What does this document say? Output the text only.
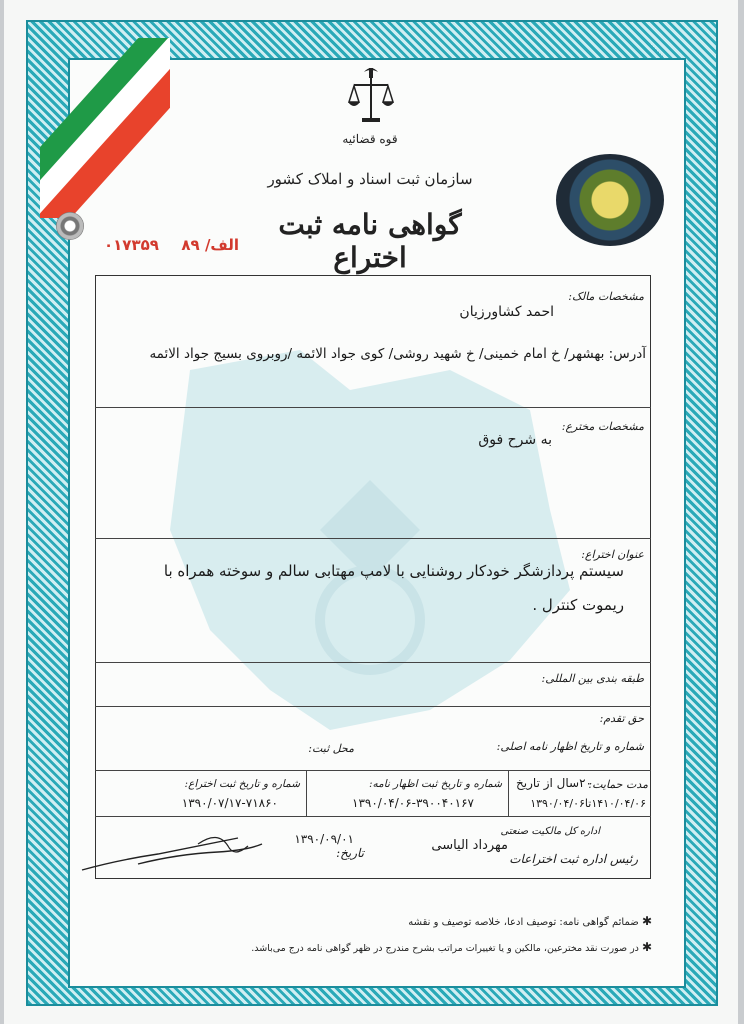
قوه قضائیه
سازمان ثبت اسناد و املاک کشور
گواهی نامه ثبت اختراع
الف/ ۸۹  ۰۱۷۳۵۹
مشخصات مالک:
احمد کشاورزیان
آدرس: بهشهر/ خ امام خمینی/ خ شهید روشی/ کوی جواد الائمه /روبروی بسیج جواد الائمه
مشخصات مخترع:
به شرح فوق
عنوان اختراع:
سیستم پردازشگر خودکار روشنایی با لامپ مهتابی سالم و سوخته همراه با
ریموت کنترل .
طبقه بندی بین المللی:
حق تقدم:
شماره و تاریخ اظهار نامه اصلی:
محل ثبت:
مدت حمایت:
۲۰سال از تاریخ
۱۴۱۰/۰۴/۰۶تا۱۳۹۰/۰۴/۰۶
شماره و تاریخ ثبت اظهار نامه:
۱۳۹۰/۰۴/۰۶-۳۹۰۰۴۰۱۶۷
شماره و تاریخ ثبت اختراع:
۱۳۹۰/۰۷/۱۷-۷۱۸۶۰
اداره کل مالکیت صنعتی
رئیس اداره ثبت اختراعات
مهرداد الیاسی
تاریخ:
۱۳۹۰/۰۹/۰۱
✱ ضمائم گواهی نامه: توصیف ادعا، خلاصه توصیف و نقشه
✱ در صورت نقد مخترعین، مالکین و یا تغییرات مراتب بشرح مندرج در ظهر گواهی نامه درج می‌باشد.
